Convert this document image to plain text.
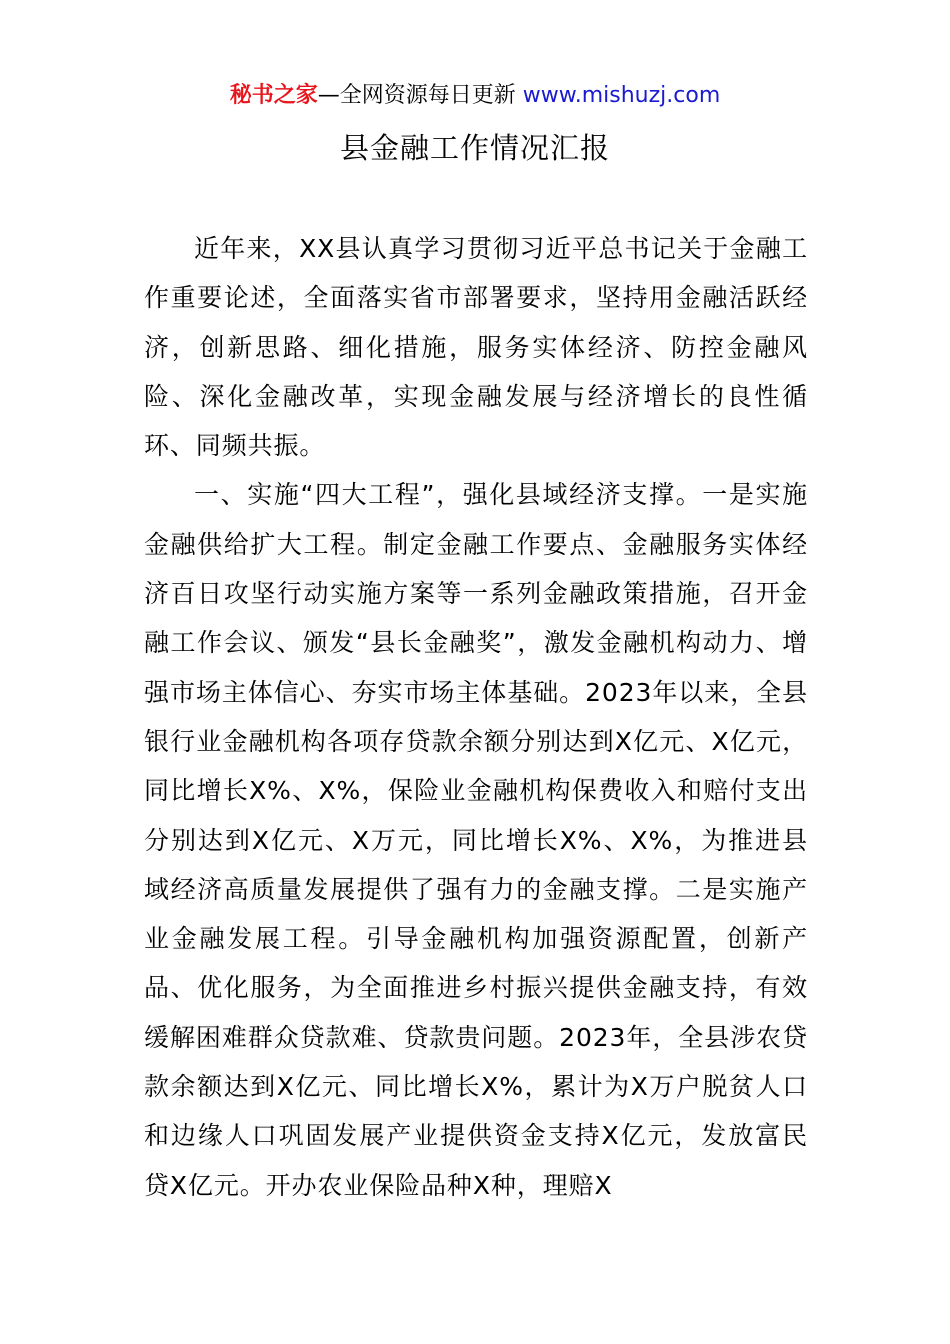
秘书之家—全网资源每日更新 www.mishuzj.com
县金融工作情况汇报

近年来，XX县认真学习贯彻习近平总书记关于金融工作重要论述，全面落实省市部署要求，坚持用金融活跃经济，创新思路、细化措施，服务实体经济、防控金融风险、深化金融改革，实现金融发展与经济增长的良性循环、同频共振。

一、实施“四大工程”，强化县域经济支撑。一是实施金融供给扩大工程。制定金融工作要点、金融服务实体经济百日攻坚行动实施方案等一系列金融政策措施，召开金融工作会议、颁发“县长金融奖”，激发金融机构动力、增强市场主体信心、夯实市场主体基础。2023年以来，全县银行业金融机构各项存贷款余额分别达到X亿元、X亿元，同比增长X%、X%，保险业金融机构保费收入和赔付支出分别达到X亿元、X万元，同比增长X%、X%，为推进县域经济高质量发展提供了强有力的金融支撑。二是实施产业金融发展工程。引导金融机构加强资源配置，创新产品、优化服务，为全面推进乡村振兴提供金融支持，有效缓解困难群众贷款难、贷款贵问题。2023年，全县涉农贷款余额达到X亿元、同比增长X%，累计为X万户脱贫人口和边缘人口巩固发展产业提供资金支持X亿元，发放富民贷X亿元。开办农业保险品种X种，理赔X
